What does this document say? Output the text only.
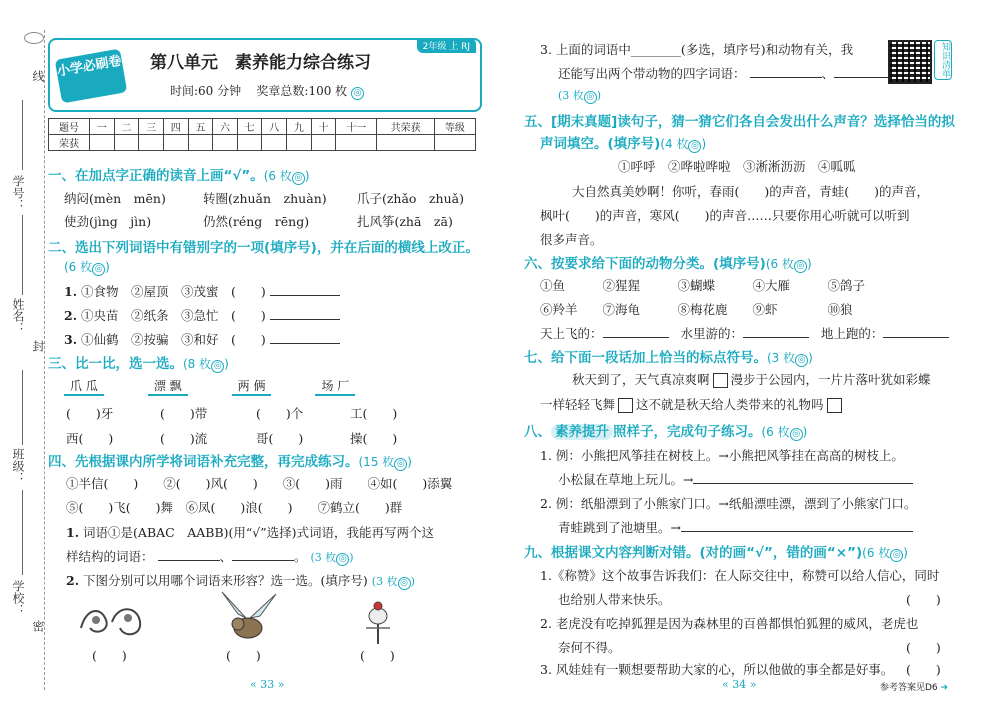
线
学号：
姓名：
封
班级：
学校：
密
小学必刷卷
2年级 上 RJ
第八单元　素养能力综合练习
时间:60 分钟 奖章总数:100 枚 ◎
题号	一	二	三	四	五	六	七	八	九	十	十一	共荣获	等级
荣获													
一、在加点字正确的读音上画“√”。(6 枚 ◎ )
纳闷(mèn　mēn)	转圈(zhuǎn　zhuàn) 爪子(zhǎo　zhuǎ)
使劲(jìng　jìn)	仍然(réng　rēng)	扎风筝(zhā　zā)
二、选出下列词语中有错别字的一项(填序号)，并在后面的横线上改正。
(6 枚 ◎ )
1. ①食物　②屋顶　③茂蜜　(　　)
2. ①央苗　②纸条　③急忙　(　　)
3. ①仙鹤　②按骗　③和好　(　　)
三、比一比，选一选。(8 枚 ◎ )
爪 瓜	漂 飘	两 俩	场 厂
(　　)牙	(　　)带	(　　)个	工(　　)
西(　　)	(　　)流	哥(　　)	操(　　)
四、先根据课内所学将词语补充完整，再完成练习。(15 枚 ◎ )
①半信(　　)　　②(　　)风(　　)　　③(　　)雨　　④如(　　)添翼
⑤(　　)飞(　　)舞　⑥凤(　　)浪(　　)　　⑦鹤立(　　)群
1. 词语①是(ABAC　AABB)(用“√”选择)式词语，我能再写两个这
样结构的词语：	、	。 (3 枚 ◎ )
2. 下图分别可以用哪个词语来形容？选一选。(填序号) (3 枚 ◎ )
(　　)	(　　)	(　　)
« 33 »
3. 上面的词语中________(多选，填序号)和动物有关，我
还能写出两个带动物的四字词语：	、
(3 枚 ◎ )
知识清单
五、[期末真题]读句子，猜一猜它们各自会发出什么声音？选择恰当的拟
声词填空。(填序号)(4 枚 ◎ )
①呼呼　②哗啦哗啦　③淅淅沥沥　④呱呱
大自然真美妙啊！你听，春雨(　　)的声音，青蛙(　　)的声音，
枫叶(　　)的声音，寒风(　　)的声音……只要你用心听就可以听到
很多声音。
六、按要求给下面的动物分类。(填序号)(6 枚 ◎ )
①鱼　　　②猩猩　　　③蝴蝶　　　④大雁　　　⑤鸽子
⑥羚羊　　⑦海龟　　　⑧梅花鹿　　⑨虾　　　　⑩狼
天上飞的：	水里游的：	地上跑的：
七、给下面一段话加上恰当的标点符号。(3 枚 ◎ )
秋天到了，天气真凉爽啊 漫步于公园内，一片片落叶犹如彩蝶
一样轻轻飞舞 这不就是秋天给人类带来的礼物吗
八、 素养提升 照样子，完成句子练习。(6 枚 ◎ )
1. 例：小熊把风筝挂在树枝上。→小熊把风筝挂在高高的树枝上。
小松鼠在草地上玩儿。→
2. 例：纸船漂到了小熊家门口。→纸船漂哇漂，漂到了小熊家门口。
青蛙跳到了池塘里。→
九、根据课文内容判断对错。(对的画“√”，错的画“×”)(6 枚 ◎ )
1.《称赞》这个故事告诉我们：在人际交往中，称赞可以给人信心，同时
也给别人带来快乐。	(　　)
2. 老虎没有吃掉狐狸是因为森林里的百兽都惧怕狐狸的威风，老虎也
奈何不得。	(　　)
3. 风娃娃有一颗想要帮助大家的心，所以他做的事全都是好事。 (　　)
« 34 »	参考答案见D6 ➜
